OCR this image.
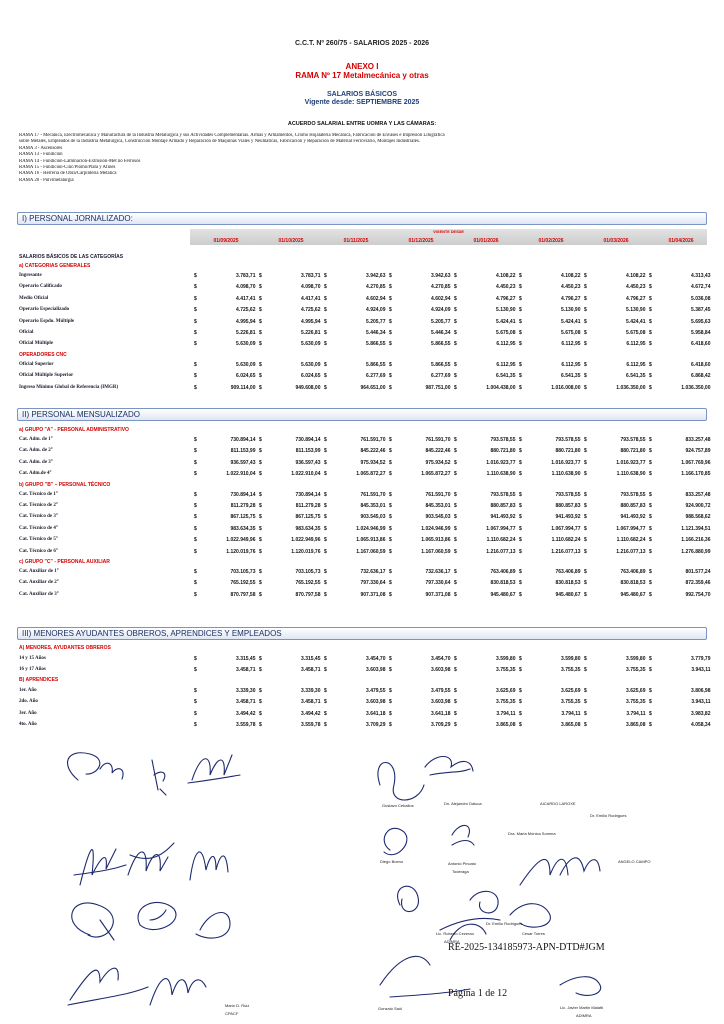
C.C.T. Nº 260/75 - SALARIOS 2025 - 2026
ANEXO I
RAMA Nº 17 Metalmecánica y otras
SALARIOS BÁSICOS
Vigente desde: SEPTIEMBRE 2025
ACUERDO SALARIAL ENTRE UOMRA Y LAS CÁMARAS:
RAMA 17 - Mecánica, Electromecánica y Manufactura de la Industria Metalúrgica y sus Actividades Complementarias. Armas y Armamentos, Cromo Hojalatería Mecánica, Fabricación de Envases e Impresión Litográfica
sobre Metales, Empleados de la Industria Metalúrgica, Construcción Montaje Armado y Reparación de Maquinas Viales y Neumáticas, Fabricación y Reparación de Material Ferroviario, Montajes Industriales.
RAMA 3 - Ascensores
RAMA 13 - Fundición
RAMA 14 - Fundición-Laminación-Extrusión-Met no Ferrosos
RAMA 15 - Fundición-Cinc/Plomo/Plata y Afines
RAMA 16 - Herrería de Obra/Carpintería Metálica
RAMA 20 - Pulvimetalurgia
I) PERSONAL JORNALIZADO:
VIGENTE DESDE
01/09/2025	01/10/2025	01/11/2025	01/12/2025	01/01/2026	01/02/2026	01/03/2026	01/04/2026
SALARIOS BÁSICOS DE LAS CATEGORÍAS
II) PERSONAL MENSUALIZADO
III) MENORES AYUDANTES OBREROS, APRENDICES Y EMPLEADOS
a) CATEGORIAS GENERALES
Ingresante	$	3.783,71 $	3.783,71 $	3.942,63 $	3.942,63 $	4.108,22 $	4.108,22 $	4.108,22 $	4.313,43
Operario Calificado	$	4.098,70 $	4.098,70 $	4.270,85 $	4.270,85 $	4.450,23 $	4.450,23 $	4.450,23 $	4.672,74
Medio Oficial	$	4.417,41 $	4.417,41 $	4.602,94 $	4.602,94 $	4.796,27 $	4.796,27 $	4.796,27 $	5.036,08
Operario Especializado	$	4.725,62 $	4.725,62 $	4.924,09 $	4.924,09 $	5.130,90 $	5.130,90 $	5.130,90 $	5.387,45
Operario Espdo. Múltiple	$	4.995,94 $	4.995,94 $	5.205,77 $	5.205,77 $	5.424,41 $	5.424,41 $	5.424,41 $	5.695,63
Oficial	$	5.226,81 $	5.226,81 $	5.446,34 $	5.446,34 $	5.675,08 $	5.675,08 $	5.675,08 $	5.958,84
Oficial Múltiple	$	5.630,09 $	5.630,09 $	5.866,55 $	5.866,55 $	6.112,95 $	6.112,95 $	6.112,95 $	6.418,60
OPERADORES CNC
Oficial Superior	$	5.630,09 $	5.630,09 $	5.866,55 $	5.866,55 $	6.112,95 $	6.112,95 $	6.112,95 $	6.418,60
Oficial Múltiple Superior	$	6.024,65 $	6.024,65 $	6.277,69 $	6.277,69 $	6.541,35 $	6.541,35 $	6.541,35 $	6.868,42
Ingreso Mínimo Global de Referencia (IMGR)	$	909.114,00 $	949.608,00 $	964.651,00 $	987.751,00 $	1.004.438,00 $	1.016.008,00 $	1.036.350,00 $	1.036.350,00
a) GRUPO "A" - PERSONAL ADMINISTRATIVO
Cat. Adm. de 1°	$	730.894,14 $	730.894,14 $	761.591,70 $	761.591,70 $	793.578,55 $	793.578,55 $	793.578,55 $	833.257,48
Cat. Adm. de 2°	$	811.153,99 $	811.153,99 $	845.222,46 $	845.222,46 $	880.721,80 $	880.721,80 $	880.721,80 $	924.757,89
Cat. Adm. de 3°	$	936.597,43 $	936.597,43 $	975.934,52 $	975.934,52 $	1.016.923,77 $	1.016.923,77 $	1.016.923,77 $	1.067.769,96
Cat. Adm.de 4°	$	1.022.910,04 $	1.022.910,04 $	1.065.872,27 $	1.065.872,27 $	1.110.638,90 $	1.110.638,90 $	1.110.638,90 $	1.166.170,85
b) GRUPO "B" – PERSONAL TÉCNICO
Cat. Técnico de 1°	$	730.894,14 $	730.894,14 $	761.591,70 $	761.591,70 $	793.578,55 $	793.578,55 $	793.578,55 $	833.257,48
Cat. Técnico de 2°	$	811.279,28 $	811.279,28 $	845.353,01 $	845.353,01 $	880.857,83 $	880.857,83 $	880.857,83 $	924.900,72
Cat. Técnico de 3°	$	867.125,75 $	867.125,75 $	903.545,03 $	903.545,03 $	941.493,92 $	941.493,92 $	941.493,92 $	988.568,62
Cat. Técnico de 4°	$	983.634,35 $	983.634,35 $	1.024.946,99 $	1.024.946,99 $	1.067.994,77 $	1.067.994,77 $	1.067.994,77 $	1.121.394,51
Cat. Técnico de 5°	$	1.022.949,96 $	1.022.949,96 $	1.065.913,86 $	1.065.913,86 $	1.110.682,24 $	1.110.682,24 $	1.110.682,24 $	1.166.216,36
Cat. Técnico de 6°	$	1.120.019,76 $	1.120.019,76 $	1.167.060,59 $	1.167.060,59 $	1.216.077,13 $	1.216.077,13 $	1.216.077,13 $	1.276.880,99
c) GRUPO "C" - PERSONAL AUXILIAR
Cat. Auxiliar de 1°	$	703.105,73 $	703.105,73 $	732.636,17 $	732.636,17 $	763.406,89 $	763.406,89 $	763.406,89 $	801.577,24
Cat. Auxiliar de 2°	$	765.192,55 $	765.192,55 $	797.330,64 $	797.330,64 $	830.818,53 $	830.818,53 $	830.818,53 $	872.359,46
Cat. Auxiliar de 3°	$	870.797,58 $	870.797,58 $	907.371,08 $	907.371,08 $	945.480,67 $	945.480,67 $	945.480,67 $	992.754,70
A) MENORES, AYUDANTES OBREROS
14 y 15 Años	$	3.315,45 $	3.315,45 $	3.454,70 $	3.454,70 $	3.599,80 $	3.599,80 $	3.599,80 $	3.779,79
16 y 17 Años	$	3.458,71 $	3.458,71 $	3.603,98 $	3.603,98 $	3.755,35 $	3.755,35 $	3.755,35 $	3.943,11
B) APRENDICES
1er. Año	$	3.339,30 $	3.339,30 $	3.479,55 $	3.479,55 $	3.625,69 $	3.625,69 $	3.625,69 $	3.806,98
2do. Año	$	3.458,71 $	3.458,71 $	3.603,98 $	3.603,98 $	3.755,35 $	3.755,35 $	3.755,35 $	3.943,11
3er. Año	$	3.494,42 $	3.494,42 $	3.641,18 $	3.641,18 $	3.794,11 $	3.794,11 $	3.794,11 $	3.983,82
4to. Año	$	3.559,78 $	3.559,78 $	3.709,29 $	3.709,29 $	3.865,08 $	3.865,08 $	3.865,08 $	4.058,34
Gustavo Ceballos	Dn. Alejandro Daluca	AICARDO LAROXE
Dr. Emilio Rodrigues
Dra. Maria Mónica Somma
Antonio Pincato
Toderaga
Diego Bueno	ANGELO CAMPO
Dr. Emilio Rodrigues
Cesar Torres
Lic. Roberto Cezerao
ADIMRA
Gonzalo Saúl	Lic. Javier Martin Malatti
ADIMRA
Mario D. Ruiz
CPACF
RE-2025-134185973-APN-DTD#JGM
Página 1 de 12
